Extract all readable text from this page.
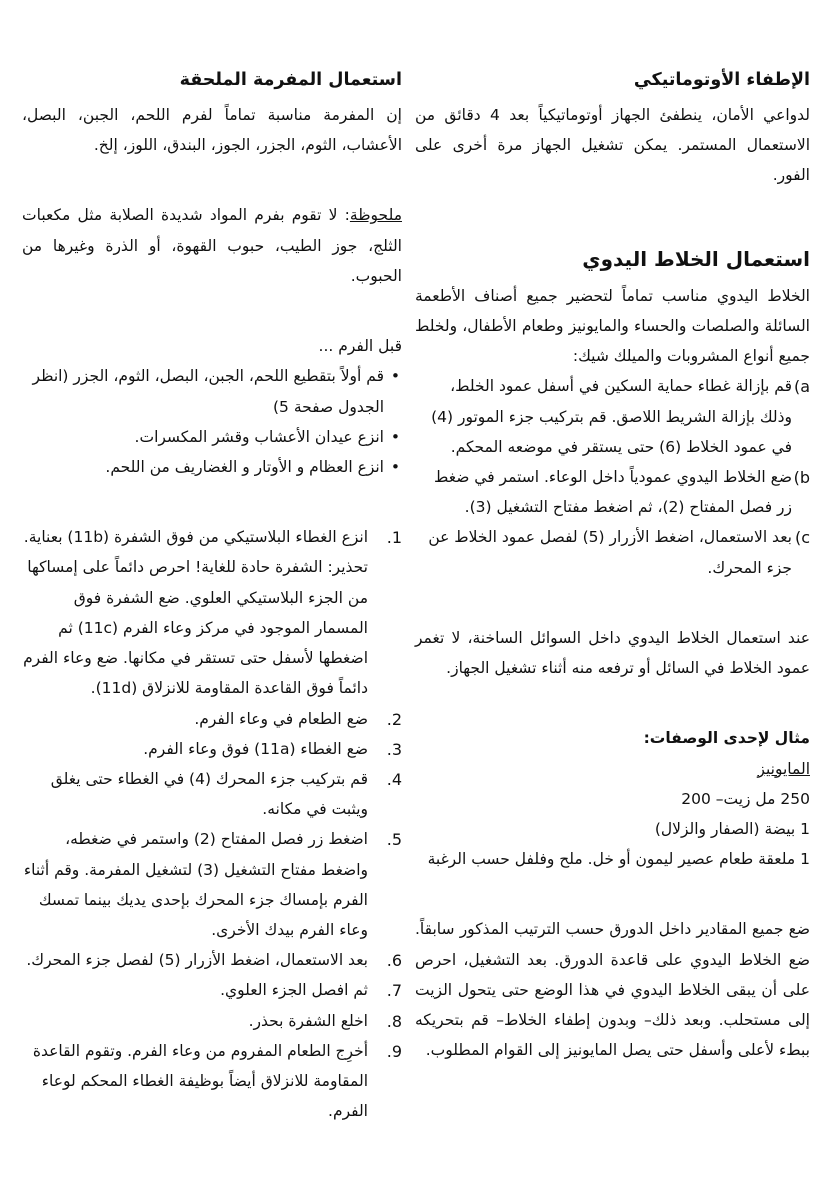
الإطفاء الأوتوماتيكي

لدواعي الأمان، ينطفئ الجهاز أوتوماتيكياً بعد 4 دقائق من الاستعمال المستمر. يمكن تشغيل الجهاز مرة أخرى على الفور.

استعمال الخلاط اليدوي

الخلاط اليدوي مناسب تماماً لتحضير جميع أصناف الأطعمة السائلة والصلصات والحساء والمايونيز وطعام الأطفال، ولخلط جميع أنواع المشروبات والميلك شيك:

a)
قم بإزالة غطاء حماية السكين في أسفل عمود الخلط، وذلك بإزالة الشريط اللاصق. قم بتركيب جزء الموتور (4) في عمود الخلاط (6) حتى يستقر في موضعه المحكم.
b)
ضع الخلاط اليدوي عمودياً داخل الوعاء. استمر في ضغط زر فصل المفتاح (2)، ثم اضغط مفتاح التشغيل (3).
c)
بعد الاستعمال، اضغط الأزرار (5) لفصل عمود الخلاط عن جزء المحرك.

عند استعمال الخلاط اليدوي داخل السوائل الساخنة، لا تغمر عمود الخلاط في السائل أو ترفعه منه أثناء تشغيل الجهاز.

مثال لإحدى الوصفات:

المايونيز

250 مل زيت– 200
1 بيضة (الصفار والزلال)
1 ملعقة طعام عصير ليمون أو خل. ملح وفلفل حسب الرغبة

ضع جميع المقادير داخل الدورق حسب الترتيب المذكور سابقاً. ضع الخلاط اليدوي على قاعدة الدورق. بعد التشغيل، احرص على أن يبقى الخلاط اليدوي في هذا الوضع حتى يتحول الزيت إلى مستحلب. وبعد ذلك– وبدون إطفاء الخلاط– قم بتحريكه ببطء لأعلى وأسفل حتى يصل المايونيز إلى القوام المطلوب.

استعمال المفرمة الملحقة

إن المفرمة مناسبة تماماً لفرم اللحم، الجبن، البصل، الأعشاب، الثوم، الجزر، الجوز، البندق، اللوز، إلخ.

ملحوظة: لا تقوم بفرم المواد شديدة الصلابة مثل مكعبات الثلج، جوز الطيب، حبوب القهوة، أو الذرة وغيرها من الحبوب.

قبل الفرم ...

• قم أولاً بتقطيع اللحم، الجبن، البصل، الثوم، الجزر (انظر الجدول صفحة 5)
• انزع عيدان الأعشاب وقشر المكسرات.
• انزع العظام و الأوتار و الغضاريف من اللحم.
1.
انزع الغطاء البلاستيكي من فوق الشفرة (11b) بعناية. تحذير: الشفرة حادة للغاية! احرص دائماً على إمساكها من الجزء البلاستيكي العلوي. ضع الشفرة فوق المسمار الموجود في مركز وعاء الفرم (11c) ثم اضغطها لأسفل حتى تستقر في مكانها. ضع وعاء الفرم دائماً فوق القاعدة المقاومة للانزلاق (11d).
2.
ضع الطعام في وعاء الفرم.
3.
ضع الغطاء (11a) فوق وعاء الفرم.
4.
قم بتركيب جزء المحرك (4) في الغطاء حتى يغلق ويثبت في مكانه.
5.
اضغط زر فصل المفتاح (2) واستمر في ضغطه، واضغط مفتاح التشغيل (3) لتشغيل المفرمة. وقم أثناء الفرم بإمساك جزء المحرك بإحدى يديك بينما تمسك وعاء الفرم بيدك الأخرى.
6.
بعد الاستعمال، اضغط الأزرار (5) لفصل جزء المحرك.
7.
ثم افصل الجزء العلوي.
8.
اخلع الشفرة بحذر.
9.
أخرِج الطعام المفروم من وعاء الفرم. وتقوم القاعدة المقاومة للانزلاق أيضاً بوظيفة الغطاء المحكم لوعاء الفرم.
